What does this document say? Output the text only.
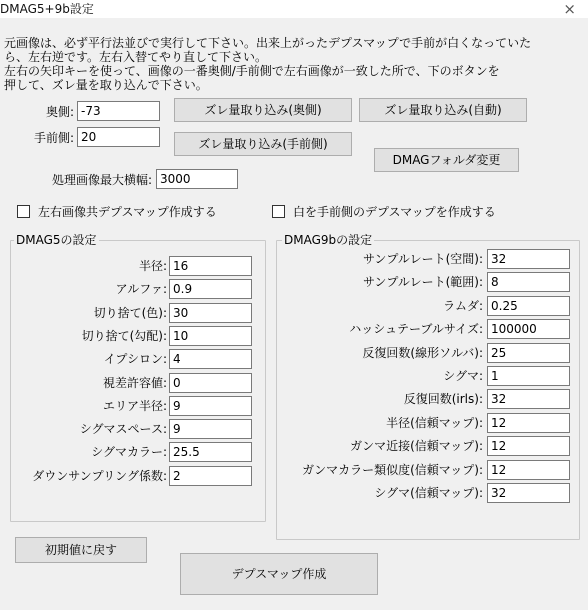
DMAG5+9b設定	×
元画像は、必ず平行法並びで実行して下さい。出来上がったデプスマップで手前が白くなっていた
ら、左右逆です。左右入替てやり直して下さい。
左右の矢印キーを使って、画像の一番奥側/手前側で左右画像が一致した所で、下のボタンを
押して、ズレ量を取り込んで下さい。
奥側:
-73
手前側:
20
ズレ量取り込み(奥側)	ズレ量取り込み(自動)
ズレ量取り込み(手前側)
DMAGフォルダ変更
処理画像最大横幅:
3000
左右画像共デプスマップ作成する	白を手前側のデプスマップを作成する
DMAG5の設定
半径:
16
アルファ:
0.9
切り捨て(色):
30
切り捨て(勾配):
10
イプシロン:
4
視差許容値:
0
エリア半径:
9
シグマスペース:
9
シグマカラー:
25.5
ダウンサンプリング係数:
2
DMAG9bの設定
サンプルレート(空間):
32
サンプルレート(範囲):
8
ラムダ:
0.25
ハッシュテーブルサイズ:
100000
反復回数(線形ソルバ):
25
シグマ:
1
反復回数(irls):
32
半径(信頼マップ):
12
ガンマ近接(信頼マップ):
12
ガンマカラー類似度(信頼マップ):
12
シグマ(信頼マップ):
32
初期値に戻す
デプスマップ作成
